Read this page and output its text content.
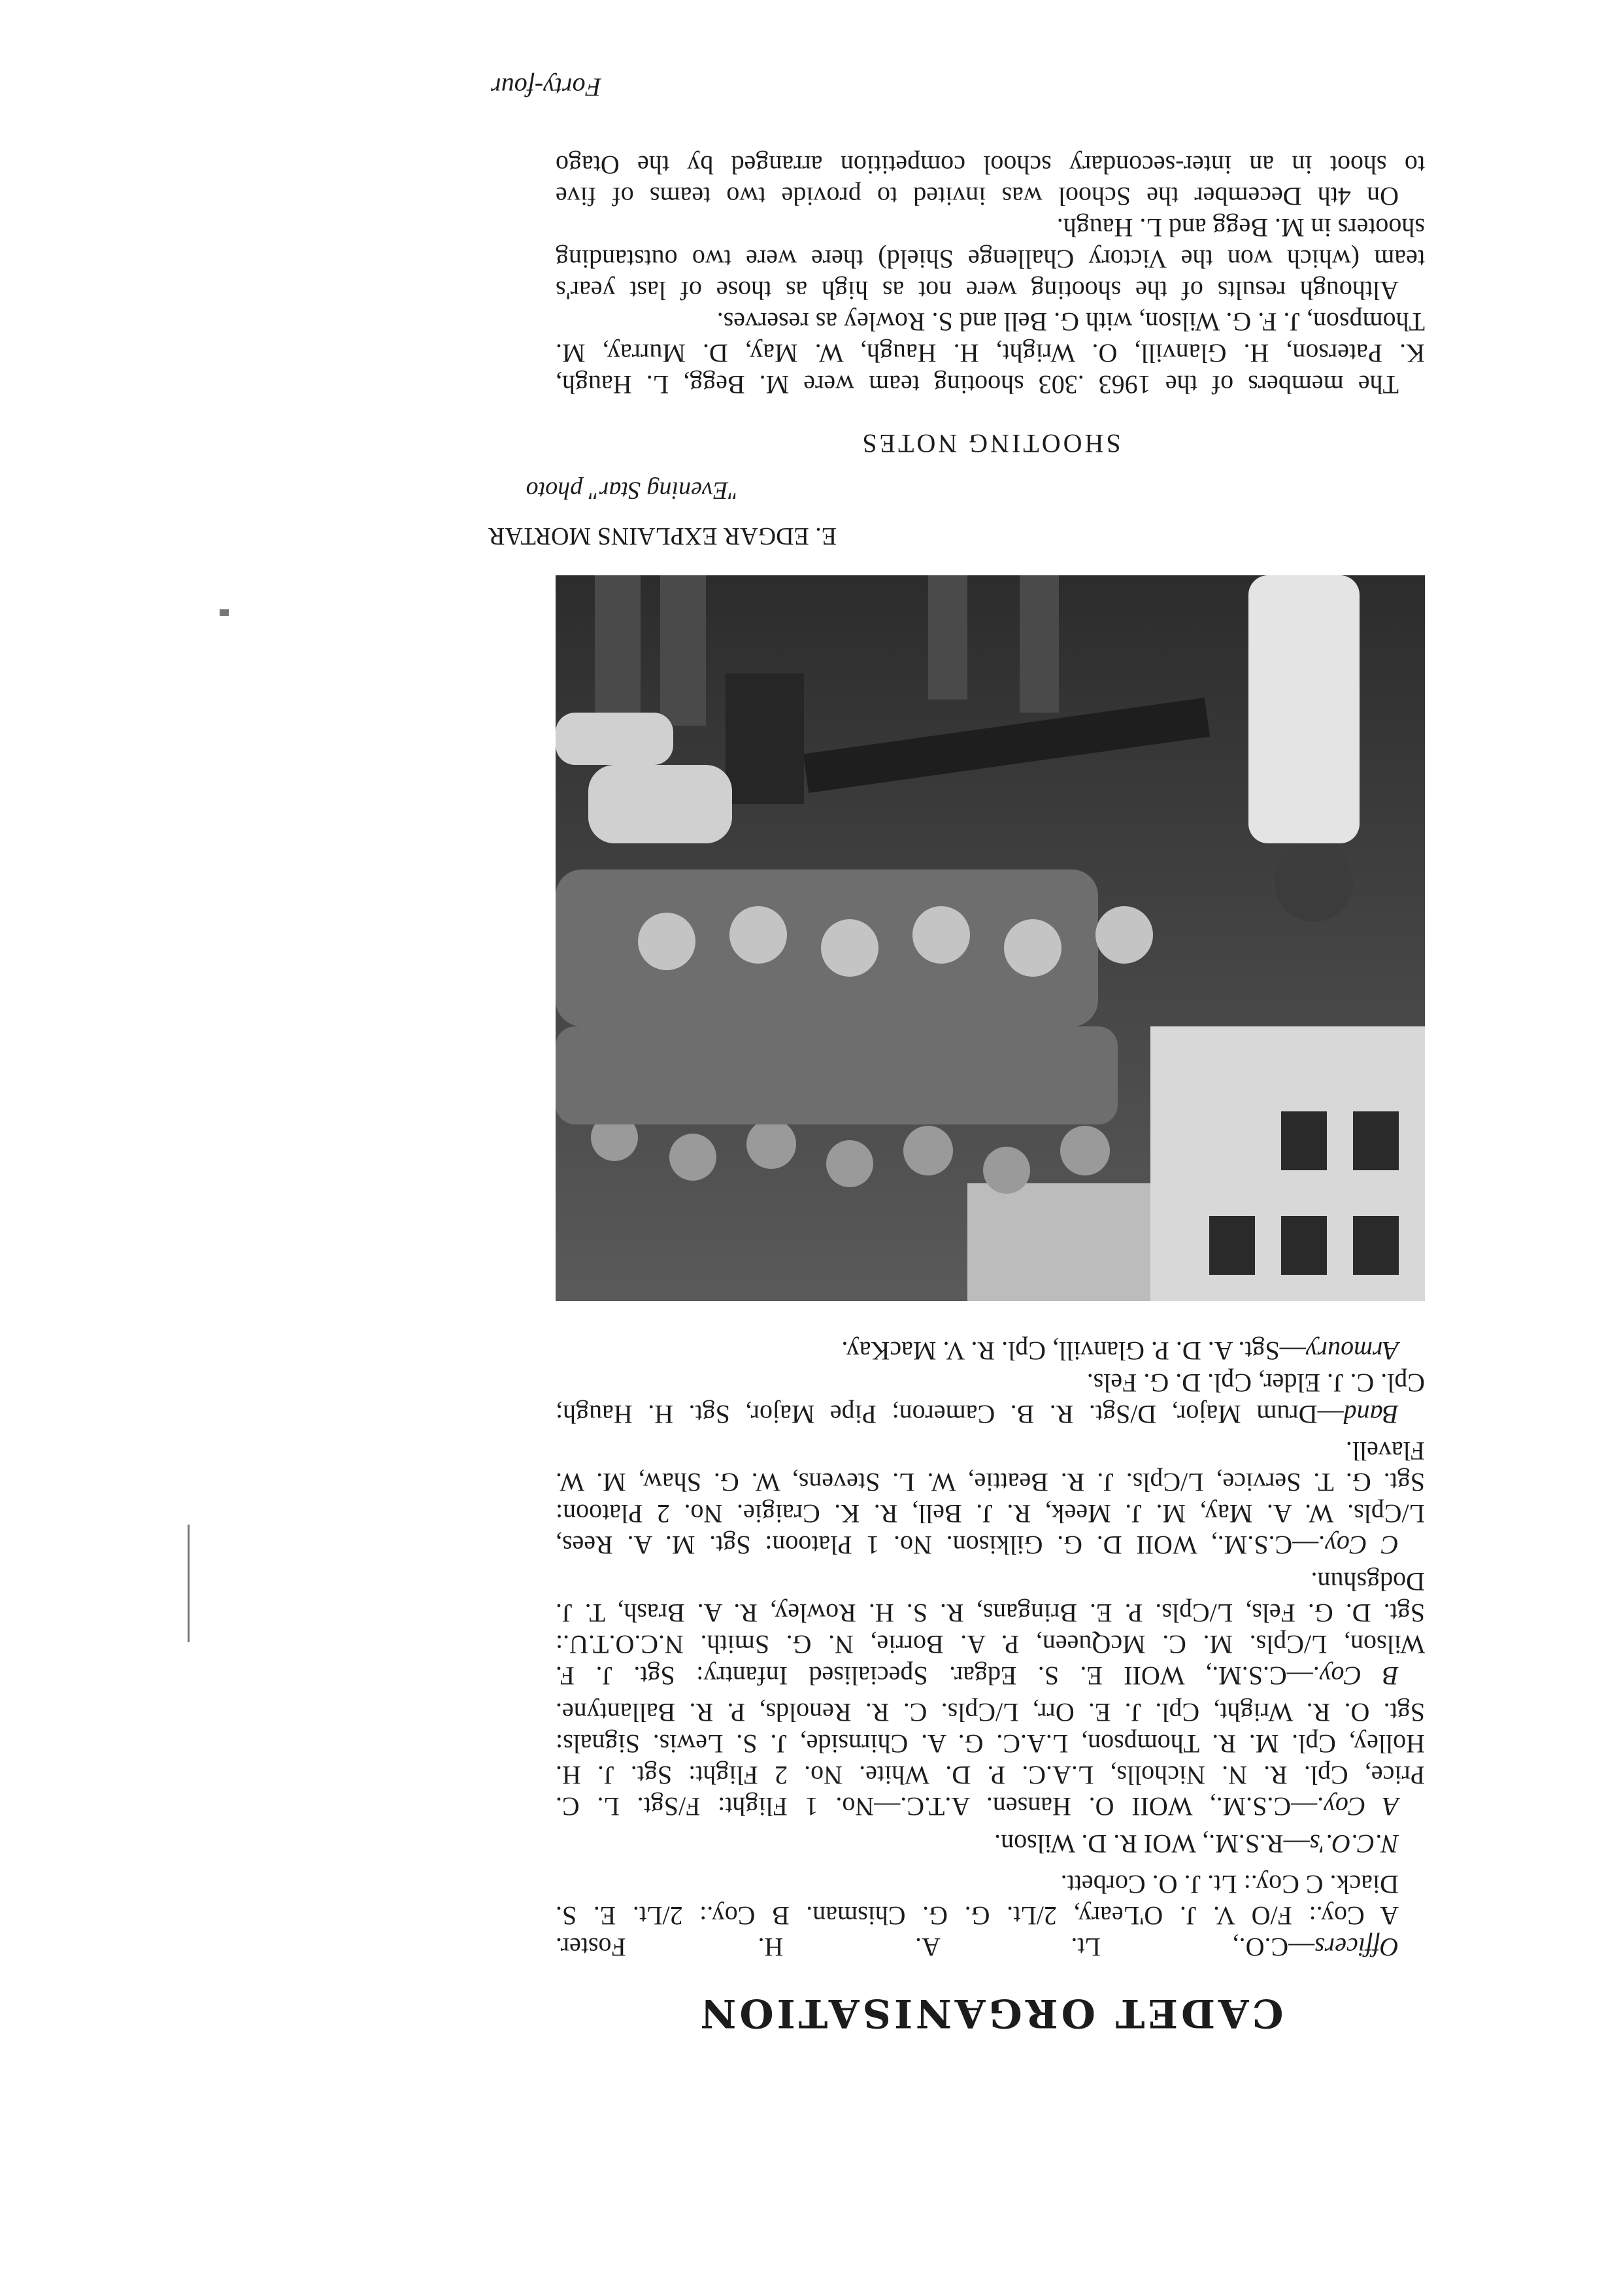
CADET ORGANISATION

Officers—C.O., Lt. A. H. Foster.

A Coy.: F/O V. J. O'Leary, 2/Lt. G. G. Chisman. B Coy.: 2/Lt. E. S.

Diack. C Coy.: Lt. J. O. Corbett.

N.C.O.'s—R.S.M., WOI R. D. Wilson.

A Coy.—C.S.M., WOII O. Hansen. A.T.C.—No. 1 Flight: F/Sgt. L. C.

Price, Cpl. R. N. Nicholls, L.A.C. P. D. White. No. 2 Flight: Sgt. J. H.

Holley, Cpl. M. R. Thompson, L.A.C. G. A. Chirnside, J. S. Lewis. Signals:

Sgt. O. R. Wright, Cpl. J. E. Orr, L/Cpls. C. R. Renolds, P. R. Ballantyne.

B Coy.—C.S.M., WOII E. S. Edgar. Specialised Infantry: Sgt. J. F.

Wilson, L/Cpls. M. C. McQueen, P. A. Borrie, N. G. Smith. N.C.O.T.U.:

Sgt. D. G. Fels, L/Cpls. P. E. Bringans, R. S. H. Rowley, R. A. Brash, T. J.

Dodgshun.

C Coy.—C.S.M., WOII D. G. Gilkison. No. 1 Platoon: Sgt. M. A. Rees,

L/Cpls. W. A. May, M. J. Meek, R. J. Bell, R. K. Craigie. No. 2 Platoon:

Sgt. G. T. Service, L/Cpls. J. R. Beattie, W. L. Stevens, W. G. Shaw, M. W.

Flavell.

Band—Drum Major, D/Sgt. R. B. Cameron; Pipe Major, Sgt. H. Haugh;

Cpl. C. J. Elder, Cpl. D. G. Fels.

Armoury—Sgt. A. D. P. Glanvill, Cpl. R. V. MacKay.

E. EDGAR EXPLAINS MORTAR
"Evening Star" photo
SHOOTING NOTES

The members of the 1963 .303 shooting team were M. Begg, L. Haugh,

K. Paterson, H. Glanvill, O. Wright, H. Haugh, W. May, D. Murray, M.

Thompson, J. F. G. Wilson, with G. Bell and S. Rowley as reserves.

Although results of the shooting were not as high as those of last year's

team (which won the Victory Challenge Shield) there were two outstanding

shooters in M. Begg and L. Haugh.

On 4th December the School was invited to provide two teams of five

to shoot in an inter-secondary school competition arranged by the Otago

Forty-four
